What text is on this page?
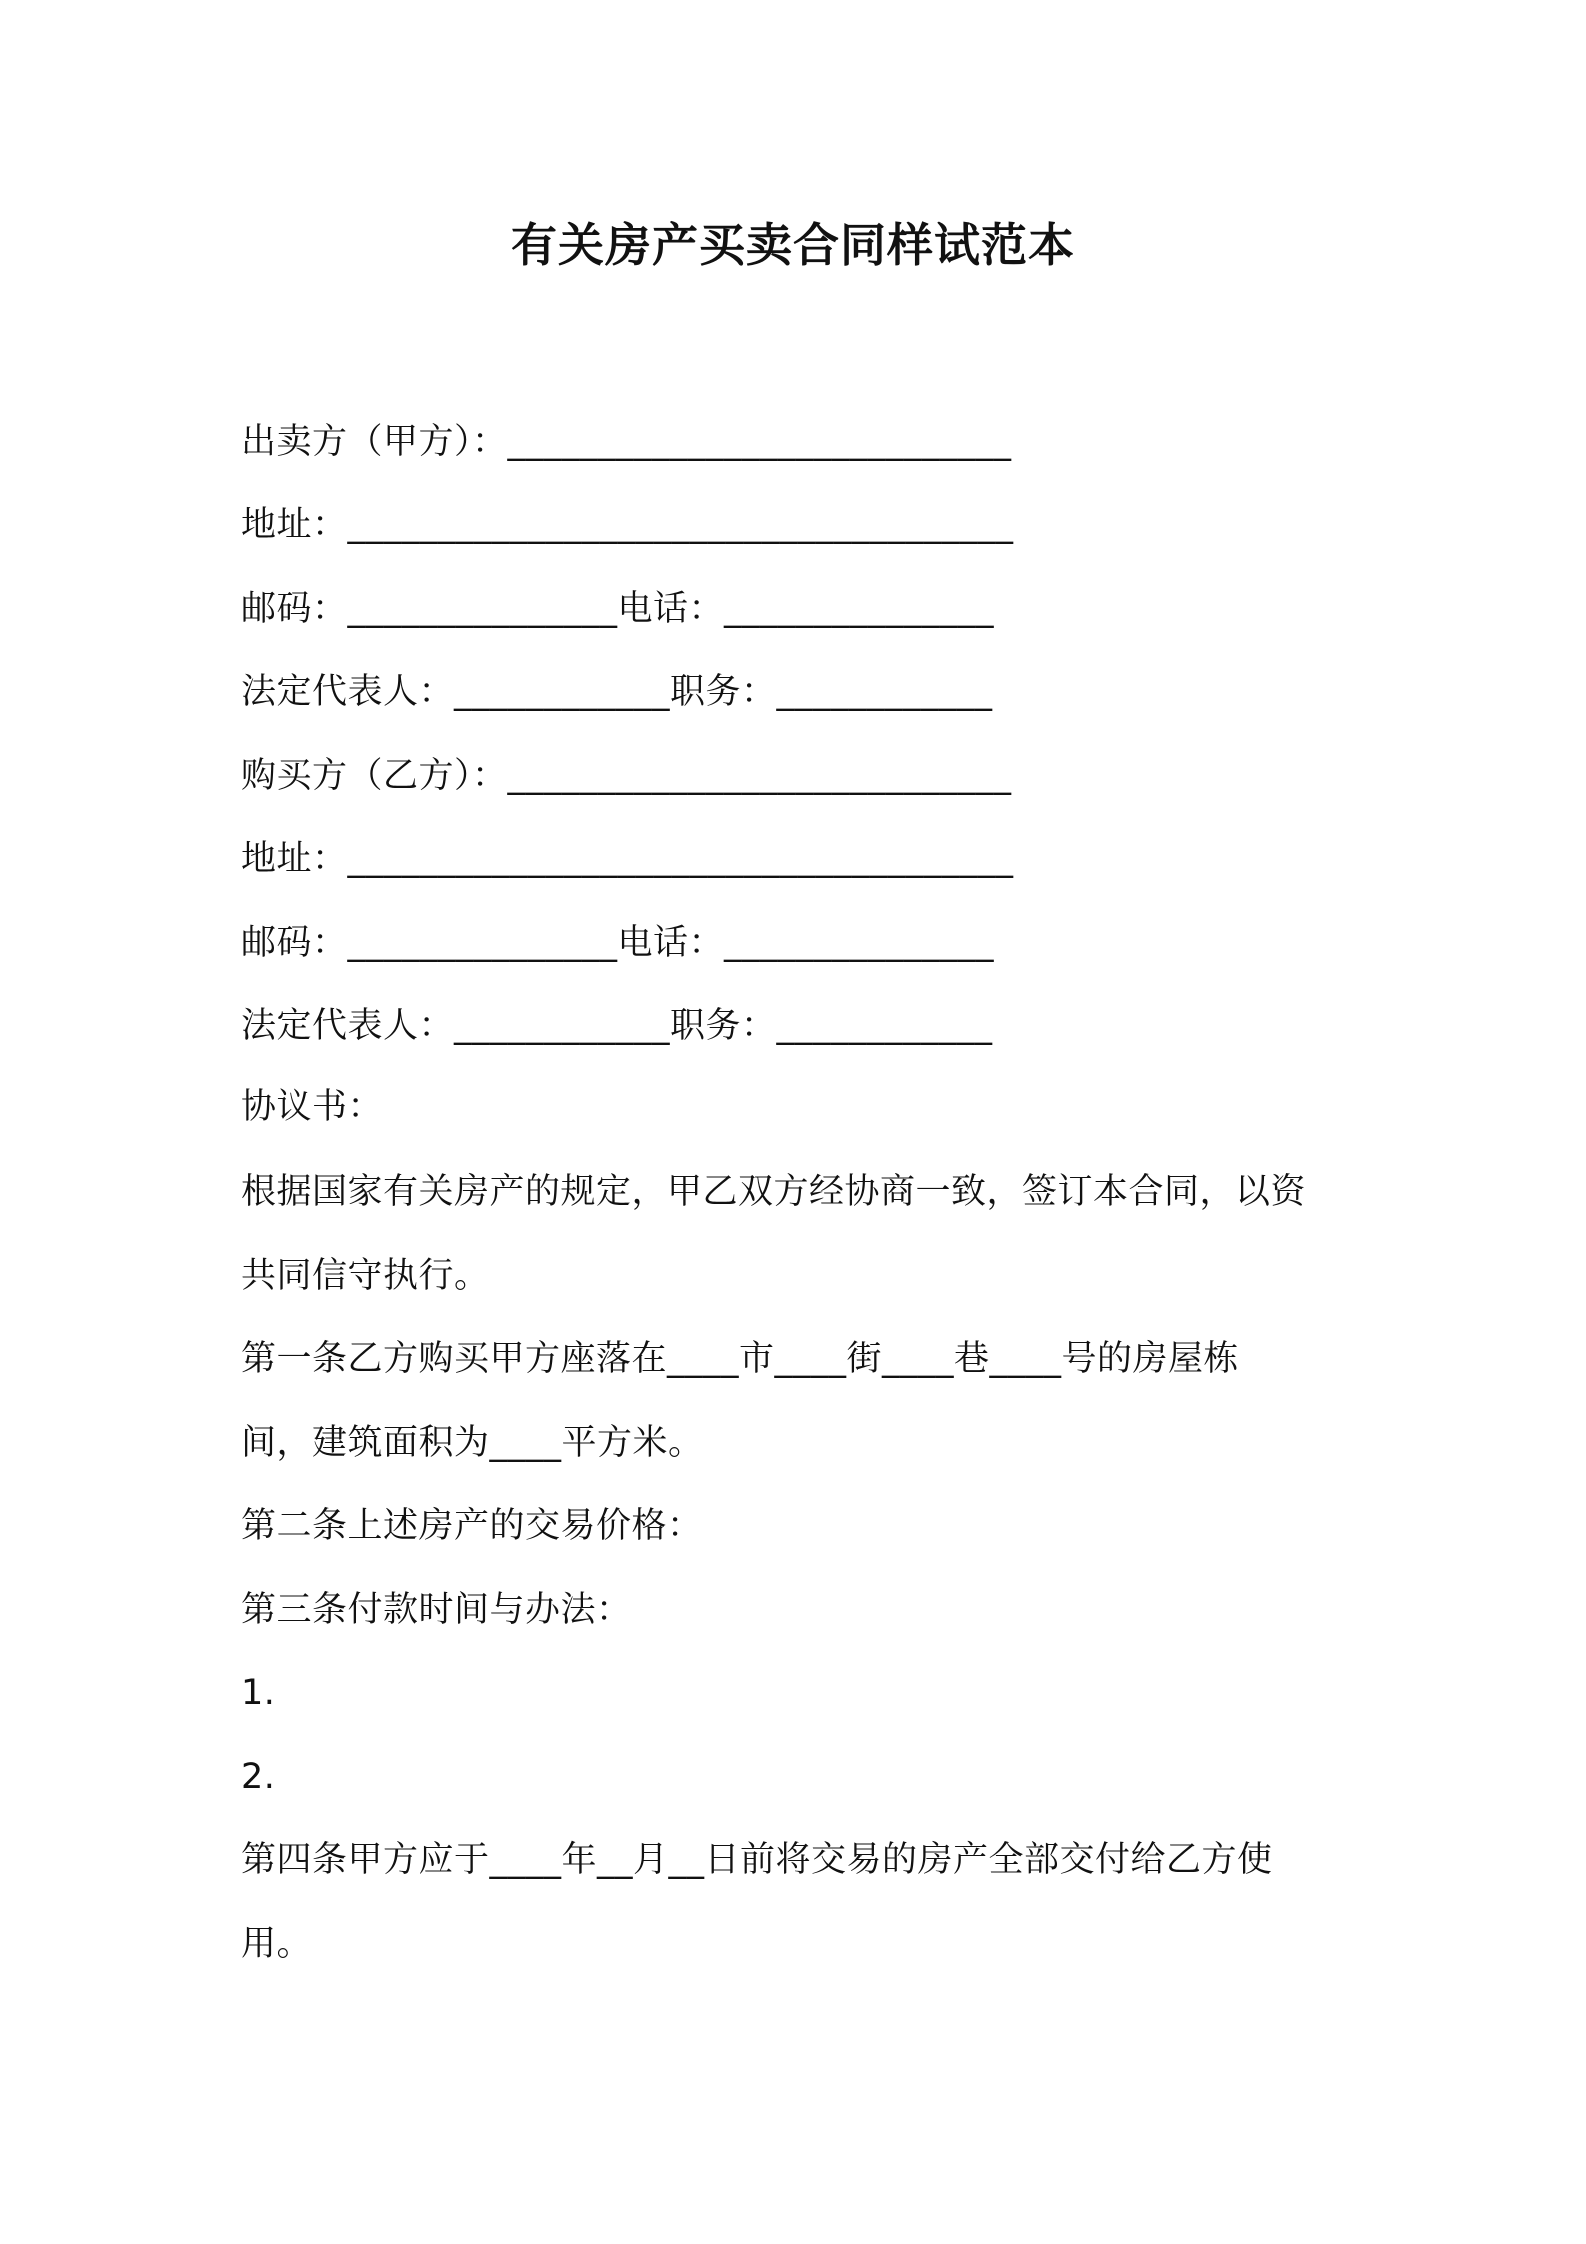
有关房产买卖合同样试范本
出卖方（甲方）：____________________________
地址：_____________________________________
邮码：_______________电话：_______________
法定代表人：____________职务：____________
购买方（乙方）：____________________________
地址：_____________________________________
邮码：_______________电话：_______________
法定代表人：____________职务：____________
协议书：
根据国家有关房产的规定，甲乙双方经协商一致，签订本合同，以资
共同信守执行。
第一条乙方购买甲方座落在____市____街____巷____号的房屋栋
间，建筑面积为____平方米。
第二条上述房产的交易价格：
第三条付款时间与办法：
1.
2.
第四条甲方应于____年__月__日前将交易的房产全部交付给乙方使
用。
